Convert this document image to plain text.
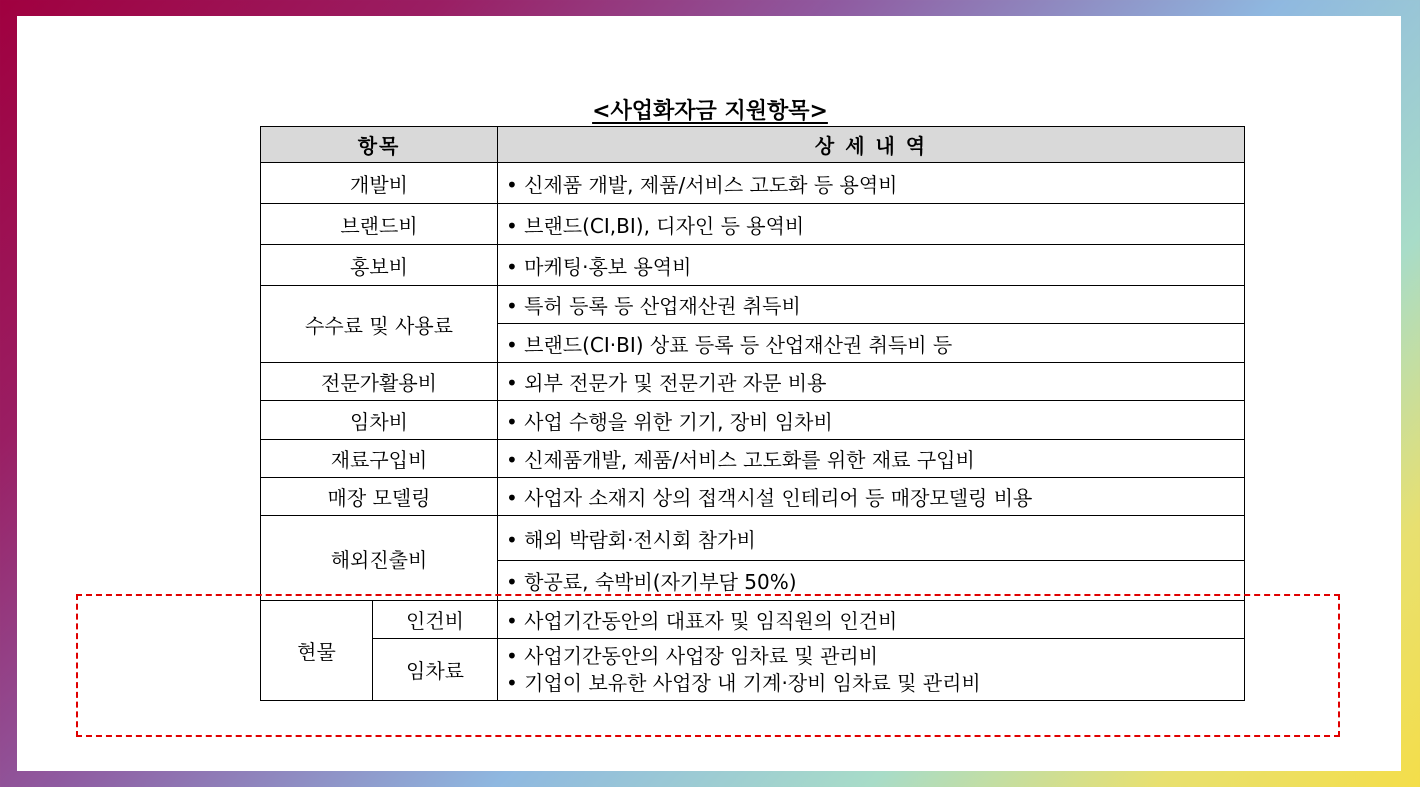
<사업화자금 지원항목>
항목		상 세 내 역
개발비		• 신제품 개발, 제품/서비스 고도화 등 용역비
브랜드비		• 브랜드(CI,BI), 디자인 등 용역비
홍보비		• 마케팅·홍보 용역비
수수료 및 사용료		• 특허 등록 등 산업재산권 취득비
		• 브랜드(CI·BI) 상표 등록 등 산업재산권 취득비 등
전문가활용비		• 외부 전문가 및 전문기관 자문 비용
임차비		• 사업 수행을 위한 기기, 장비 임차비
재료구입비		• 신제품개발, 제품/서비스 고도화를 위한 재료 구입비
매장 모델링		• 사업자 소재지 상의 접객시설 인테리어 등 매장모델링 비용
해외진출비		• 해외 박람회·전시회 참가비
		• 항공료, 숙박비(자기부담 50%)
현물	인건비	• 사업기간동안의 대표자 및 임직원의 인건비
	임차료	• 사업기간동안의 사업장 임차료 및 관리비
• 기업이 보유한 사업장 내 기계·장비 임차료 및 관리비
